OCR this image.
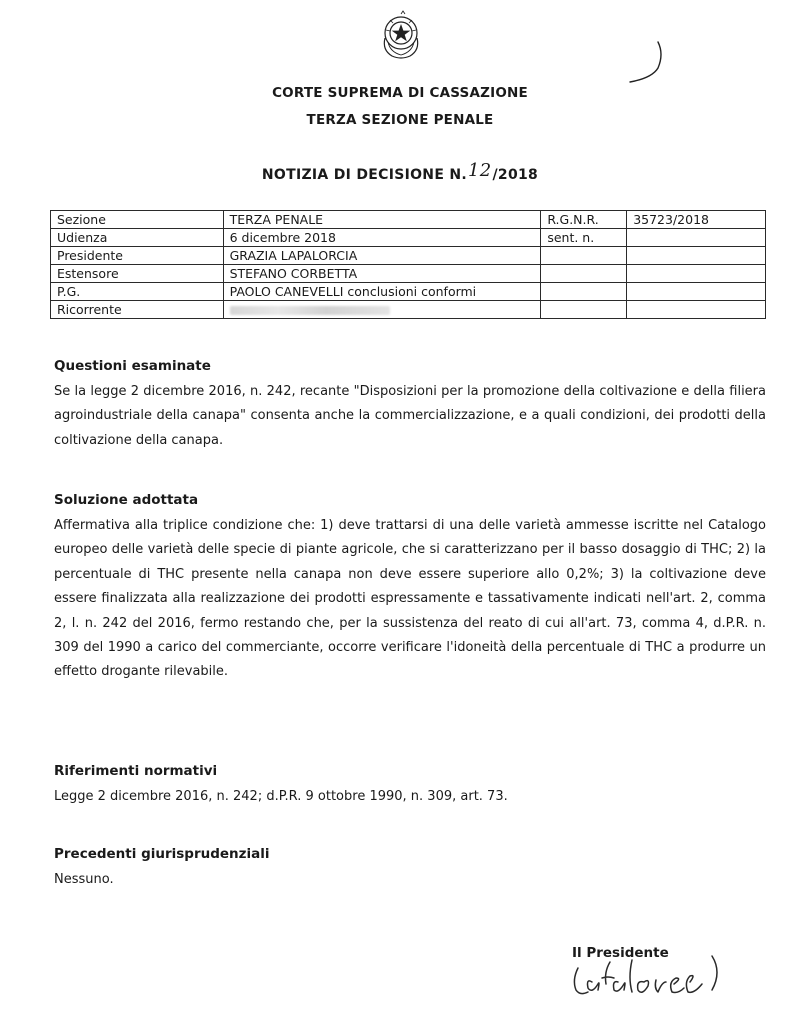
CORTE SUPREMA DI CASSAZIONE
TERZA SEZIONE PENALE
NOTIZIA DI DECISIONE N.12/2018
Sezione	TERZA PENALE	R.G.N.R.	35723/2018
Udienza	6 dicembre 2018	sent. n.	
Presidente	GRAZIA LAPALORCIA		
Estensore	STEFANO CORBETTA		
P.G.	PAOLO CANEVELLI conclusioni conformi		
Ricorrente			
Questioni esaminate

Se la legge 2 dicembre 2016, n. 242, recante "Disposizioni per la promozione della coltivazione e della filiera agroindustriale della canapa" consenta anche la commercializzazione, e a quali condizioni, dei prodotti della coltivazione della canapa.

Soluzione adottata

Affermativa alla triplice condizione che: 1) deve trattarsi di una delle varietà ammesse iscritte nel Catalogo europeo delle varietà delle specie di piante agricole, che si caratterizzano per il basso dosaggio di THC; 2) la percentuale di THC presente nella canapa non deve essere superiore allo 0,2%; 3) la coltivazione deve essere finalizzata alla realizzazione dei prodotti espressamente e tassativamente indicati nell'art. 2, comma 2, l. n. 242 del 2016, fermo restando che, per la sussistenza del reato di cui all'art. 73, comma 4, d.P.R. n. 309 del 1990 a carico del commerciante, occorre verificare l'idoneità della percentuale di THC a produrre un effetto drogante rilevabile.

Riferimenti normativi

Legge 2 dicembre 2016, n. 242; d.P.R. 9 ottobre 1990, n. 309, art. 73.

Precedenti giurisprudenziali

Nessuno.

Il Presidente
